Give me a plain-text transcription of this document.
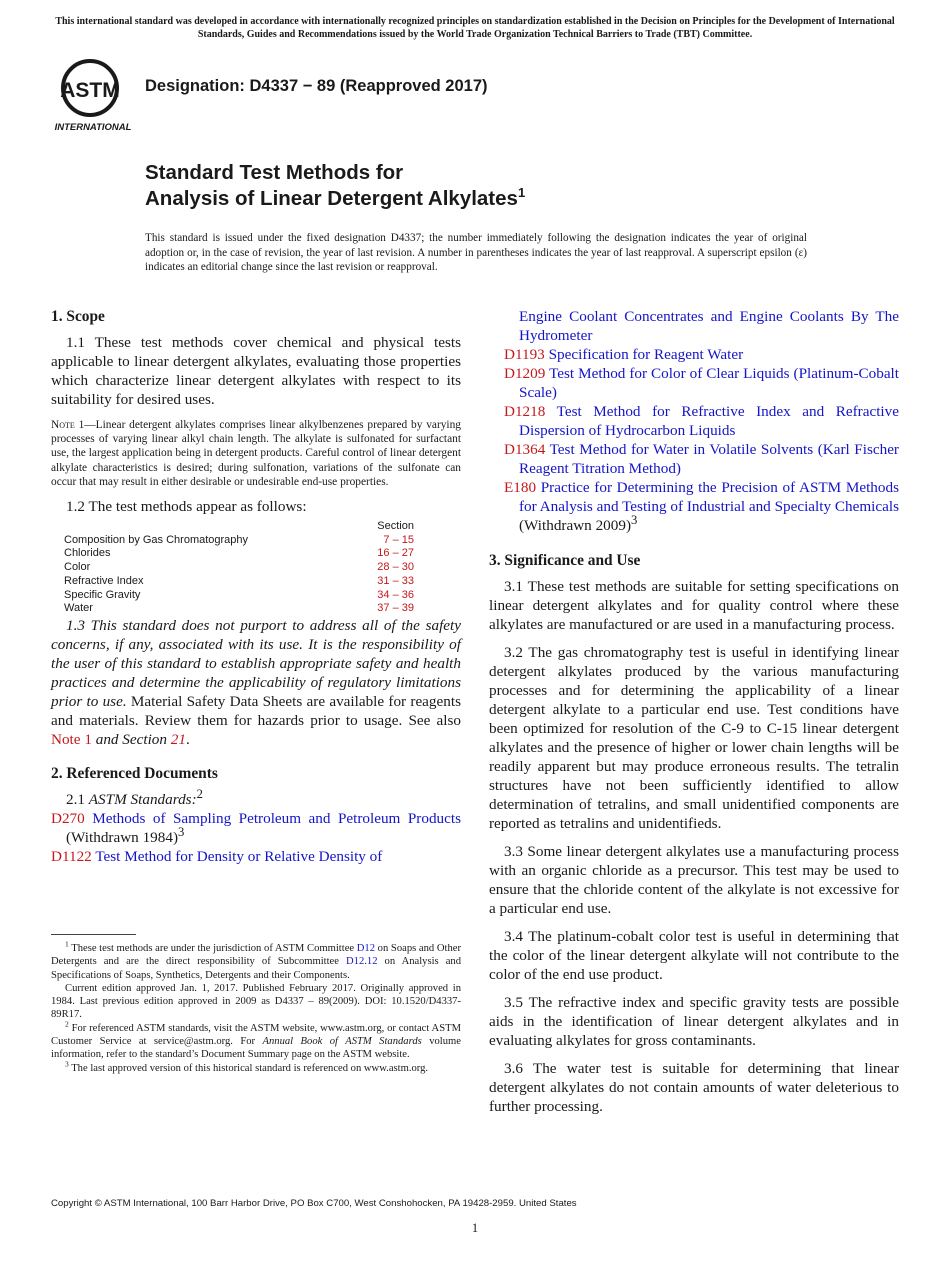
This international standard was developed in accordance with internationally recognized principles on standardization established in the Decision on Principles for the Development of International Standards, Guides and Recommendations issued by the World Trade Organization Technical Barriers to Trade (TBT) Committee.
ASTM
INTERNATIONAL
Designation: D4337 − 89 (Reapproved 2017)
Standard Test Methods for
Analysis of Linear Detergent Alkylates$^1$
This standard is issued under the fixed designation D4337; the number immediately following the designation indicates the year of original adoption or, in the case of revision, the year of last revision. A number in parentheses indicates the year of last reapproval. A superscript epsilon (ε) indicates an editorial change since the last revision or reapproval.
1. Scope

1.1 These test methods cover chemical and physical tests applicable to linear detergent alkylates, evaluating those properties which characterize linear detergent alkylates with respect to its suitability for desired uses.

Note 1—Linear detergent alkylates comprises linear alkylbenzenes prepared by varying processes of varying linear alkyl chain length. The alkylate is sulfonated for surfactant use, the largest application being in detergent products. Careful control of linear detergent alkylate characteristics is desired; during sulfonation, variations of the sulfonate can occur that may result in either desirable or undesirable end-use properties.

1.2 The test methods appear as follows:

	Section
Composition by Gas Chromatography	7 – 15
Chlorides	16 – 27
Color	28 – 30
Refractive Index	31 – 33
Specific Gravity	34 – 36
Water	37 – 39

1.3 This standard does not purport to address all of the safety concerns, if any, associated with its use. It is the responsibility of the user of this standard to establish appropriate safety and health practices and determine the applicability of regulatory limitations prior to use. Material Safety Data Sheets are available for reagents and materials. Review them for hazards prior to usage. See also Note 1 and Section 21.

2. Referenced Documents

2.1 ASTM Standards:$^2$

D270 Methods of Sampling Petroleum and Petroleum Products (Withdrawn 1984)$^3$

D1122 Test Method for Density or Relative Density of

$^1$ These test methods are under the jurisdiction of ASTM Committee D12 on Soaps and Other Detergents and are the direct responsibility of Subcommittee D12.12 on Analysis and Specifications of Soaps, Synthetics, Detergents and their Components.

Current edition approved Jan. 1, 2017. Published February 2017. Originally approved in 1984. Last previous edition approved in 2009 as D4337 – 89(2009). DOI: 10.1520/D4337-89R17.

$^2$ For referenced ASTM standards, visit the ASTM website, www.astm.org, or contact ASTM Customer Service at service@astm.org. For Annual Book of ASTM Standards volume information, refer to the standard’s Document Summary page on the ASTM website.

$^3$ The last approved version of this historical standard is referenced on www.astm.org.

Engine Coolant Concentrates and Engine Coolants By The Hydrometer

D1193 Specification for Reagent Water

D1209 Test Method for Color of Clear Liquids (Platinum-Cobalt Scale)

D1218 Test Method for Refractive Index and Refractive Dispersion of Hydrocarbon Liquids

D1364 Test Method for Water in Volatile Solvents (Karl Fischer Reagent Titration Method)

E180 Practice for Determining the Precision of ASTM Methods for Analysis and Testing of Industrial and Specialty Chemicals (Withdrawn 2009)$^3$

3. Significance and Use

3.1 These test methods are suitable for setting specifications on linear detergent alkylates and for quality control where these alkylates are manufactured or are used in a manufacturing process.

3.2 The gas chromatography test is useful in identifying linear detergent alkylates produced by the various manufacturing processes and for determining the applicability of a linear detergent alkylate to a particular end use. Test conditions have been optimized for resolution of the C-9 to C-15 linear detergent alkylates and the presence of higher or lower chain lengths will be readily apparent but may produce erroneous results. The tetralin structures have not been sufficiently identified to allow determination of tetralins, and small unidentified components are reported as tetralins and unidentifieds.

3.3 Some linear detergent alkylates use a manufacturing process with an organic chloride as a precursor. This test may be used to ensure that the chloride content of the alkylate is not excessive for a particular end use.

3.4 The platinum-cobalt color test is useful in determining that the color of the linear detergent alkylate will not contribute to the color of the end use product.

3.5 The refractive index and specific gravity tests are possible aids in the identification of linear detergent alkylates and in evaluating alkylates for gross contaminants.

3.6 The water test is suitable for determining that linear detergent alkylates do not contain amounts of water deleterious to further processing.

Copyright © ASTM International, 100 Barr Harbor Drive, PO Box C700, West Conshohocken, PA 19428-2959. United States
1
